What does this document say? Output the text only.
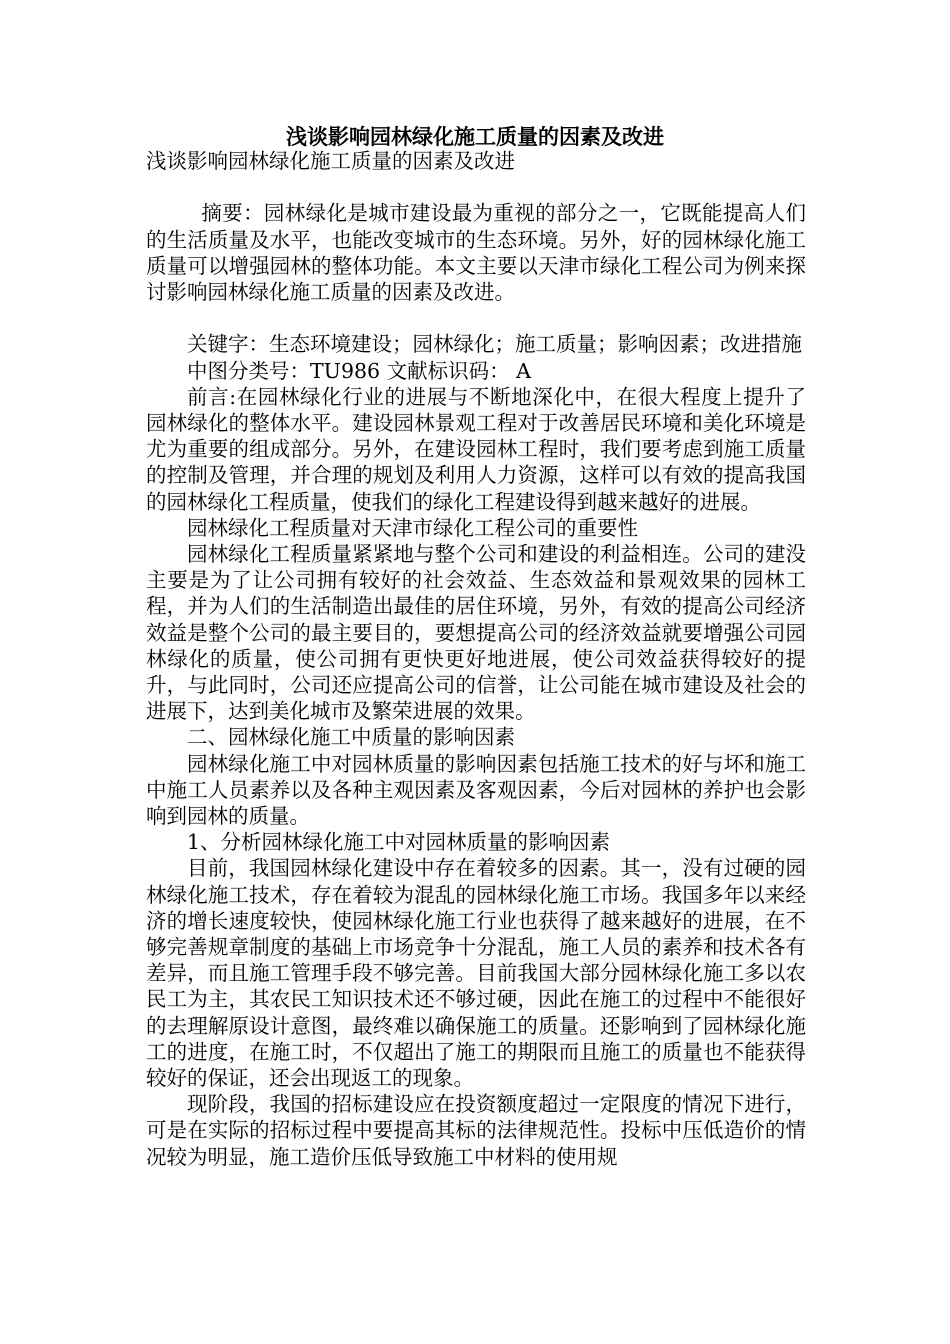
浅谈影响园林绿化施工质量的因素及改进

浅谈影响园林绿化施工质量的因素及改进

摘要：园林绿化是城市建设最为重视的部分之一，它既能提高人们的生活质量及水平，也能改变城市的生态环境。另外，好的园林绿化施工质量可以增强园林的整体功能。本文主要以天津市绿化工程公司为例来探讨影响园林绿化施工质量的因素及改进。

关键字：生态环境建设；园林绿化；施工质量；影响因素；改进措施

中图分类号：TU986 文献标识码： A

前言:在园林绿化行业的进展与不断地深化中，在很大程度上提升了园林绿化的整体水平。建设园林景观工程对于改善居民环境和美化环境是尤为重要的组成部分。另外，在建设园林工程时，我们要考虑到施工质量的控制及管理，并合理的规划及利用人力资源，这样可以有效的提高我国的园林绿化工程质量，使我们的绿化工程建设得到越来越好的进展。

园林绿化工程质量对天津市绿化工程公司的重要性

园林绿化工程质量紧紧地与整个公司和建设的利益相连。公司的建没主要是为了让公司拥有较好的社会效益、生态效益和景观效果的园林工程，并为人们的生活制造出最佳的居住环境，另外，有效的提高公司经济效益是整个公司的最主要目的，要想提高公司的经济效益就要增强公司园林绿化的质量，使公司拥有更快更好地进展，使公司效益获得较好的提升，与此同时，公司还应提高公司的信誉，让公司能在城市建设及社会的进展下，达到美化城市及繁荣进展的效果。

二、园林绿化施工中质量的影响因素

园林绿化施工中对园林质量的影响因素包括施工技术的好与坏和施工中施工人员素养以及各种主观因素及客观因素，今后对园林的养护也会影响到园林的质量。

1、分析园林绿化施工中对园林质量的影响因素

目前，我国园林绿化建设中存在着较多的因素。其一，没有过硬的园林绿化施工技术，存在着较为混乱的园林绿化施工市场。我国多年以来经济的增长速度较快，使园林绿化施工行业也获得了越来越好的进展，在不够完善规章制度的基础上市场竞争十分混乱，施工人员的素养和技术各有差异，而且施工管理手段不够完善。目前我国大部分园林绿化施工多以农民工为主，其农民工知识技术还不够过硬，因此在施工的过程中不能很好的去理解原设计意图，最终难以确保施工的质量。还影响到了园林绿化施工的进度，在施工时，不仅超出了施工的期限而且施工的质量也不能获得较好的保证，还会出现返工的现象。

现阶段，我国的招标建设应在投资额度超过一定限度的情况下进行，可是在实际的招标过程中要提高其标的法律规范性。投标中压低造价的情况较为明显，施工造价压低导致施工中材料的使用规
